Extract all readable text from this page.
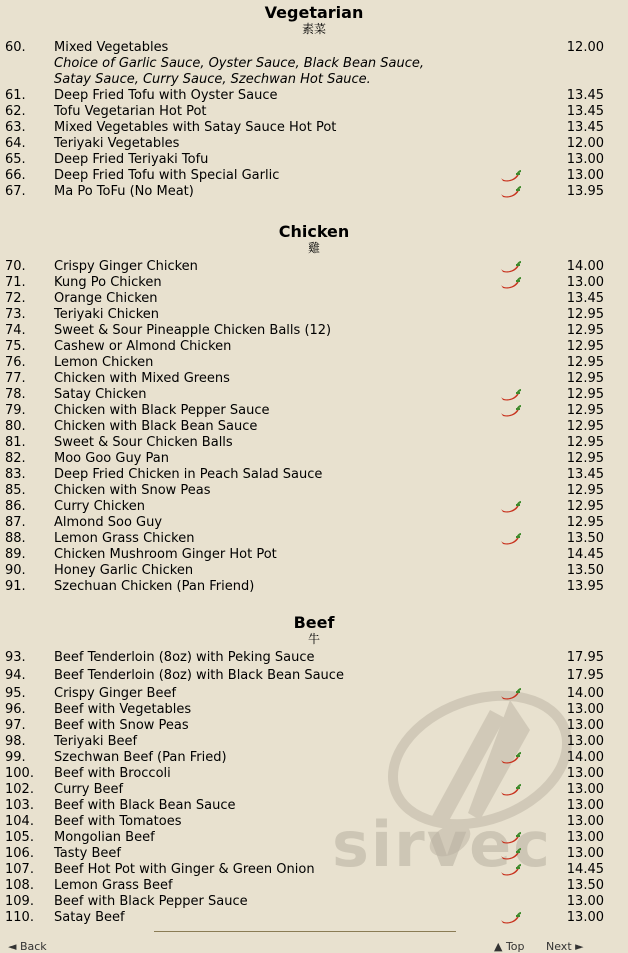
sirvec
Vegetarian
素菜
60. Mixed Vegetables	12.00
Choice of Garlic Sauce, Oyster Sauce, Black Bean Sauce,
Satay Sauce, Curry Sauce, Szechwan Hot Sauce.
61. Deep Fried Tofu with Oyster Sauce	13.45
62. Tofu Vegetarian Hot Pot	13.45
63. Mixed Vegetables with Satay Sauce Hot Pot	13.45
64. Teriyaki Vegetables	12.00
65. Deep Fried Teriyaki Tofu	13.00
66. Deep Fried Tofu with Special Garlic	13.00
67. Ma Po ToFu (No Meat)	13.95
Chicken
雞
70. Crispy Ginger Chicken	14.00
71. Kung Po Chicken	13.00
72. Orange Chicken	13.45
73. Teriyaki Chicken	12.95
74. Sweet & Sour Pineapple Chicken Balls (12)	12.95
75. Cashew or Almond Chicken	12.95
76. Lemon Chicken	12.95
77. Chicken with Mixed Greens	12.95
78. Satay Chicken	12.95
79. Chicken with Black Pepper Sauce	12.95
80. Chicken with Black Bean Sauce	12.95
81. Sweet & Sour Chicken Balls	12.95
82. Moo Goo Guy Pan	12.95
83. Deep Fried Chicken in Peach Salad Sauce	13.45
85. Chicken with Snow Peas	12.95
86. Curry Chicken	12.95
87. Almond Soo Guy	12.95
88. Lemon Grass Chicken	13.50
89. Chicken Mushroom Ginger Hot Pot	14.45
90. Honey Garlic Chicken	13.50
91. Szechuan Chicken (Pan Friend)	13.95
Beef
牛
93. Beef Tenderloin (8oz) with Peking Sauce	17.95
94. Beef Tenderloin (8oz) with Black Bean Sauce	17.95
95. Crispy Ginger Beef	14.00
96. Beef with Vegetables	13.00
97. Beef with Snow Peas	13.00
98. Teriyaki Beef	13.00
99. Szechwan Beef (Pan Fried)	14.00
100. Beef with Broccoli	13.00
102. Curry Beef	13.00
103. Beef with Black Bean Sauce	13.00
104. Beef with Tomatoes	13.00
105. Mongolian Beef	13.00
106. Tasty Beef	13.00
107. Beef Hot Pot with Ginger & Green Onion	14.45
108. Lemon Grass Beef	13.50
109. Beef with Black Pepper Sauce	13.00
110. Satay Beef	13.00
◄ Back	▲ Top Next ►
